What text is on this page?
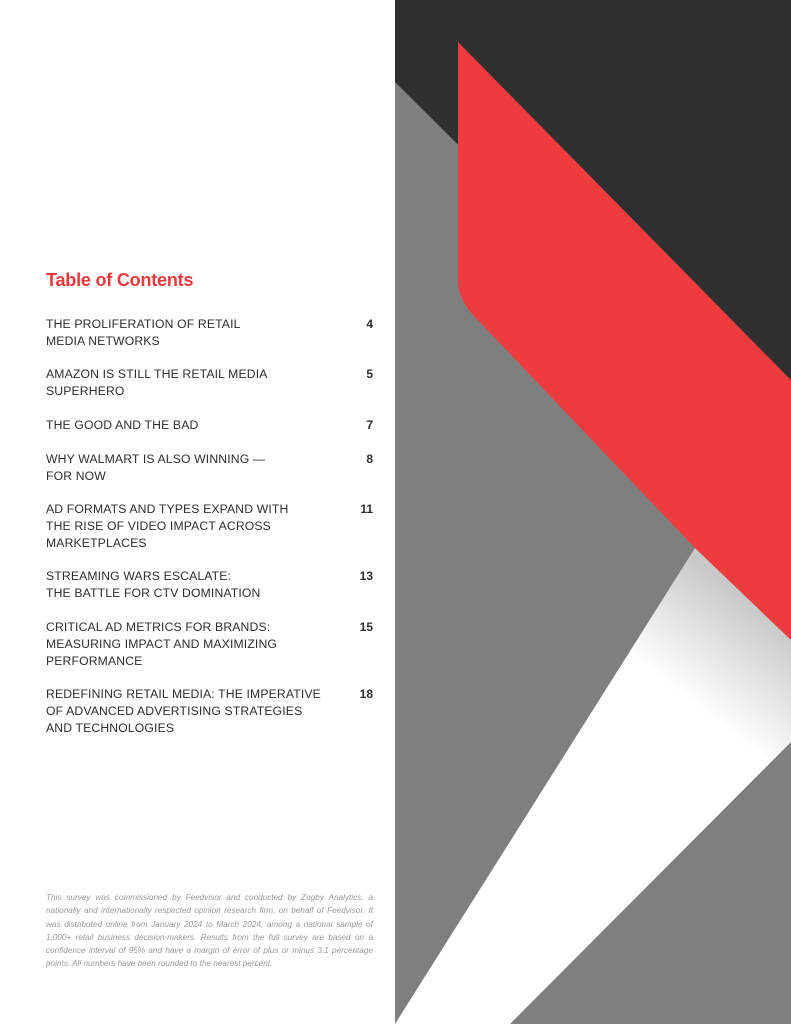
Table of Contents
THE PROLIFERATION OF RETAIL
MEDIA NETWORKS
4
AMAZON IS STILL THE RETAIL MEDIA
SUPERHERO
5
THE GOOD AND THE BAD	7
WHY WALMART IS ALSO WINNING —
FOR NOW
8
AD FORMATS AND TYPES EXPAND WITH
THE RISE OF VIDEO IMPACT ACROSS
MARKETPLACES
11
STREAMING WARS ESCALATE:
THE BATTLE FOR CTV DOMINATION
13
CRITICAL AD METRICS FOR BRANDS:
MEASURING IMPACT AND MAXIMIZING
PERFORMANCE
15
REDEFINING RETAIL MEDIA: THE IMPERATIVE
OF ADVANCED ADVERTISING STRATEGIES
AND TECHNOLOGIES
18

This survey was commissioned by Feedvisor and conducted by Zogby Analytics, a nationally and internationally respected opinion research firm, on behalf of Feedvisor. It was distributed online from January 2024 to March 2024, among a national sample of 1,000+ retail business decision-makers. Results from the full survey are based on a confidence interval of 95% and have a margin of error of plus or minus 3.1 percentage points. All numbers have been rounded to the nearest percent.
